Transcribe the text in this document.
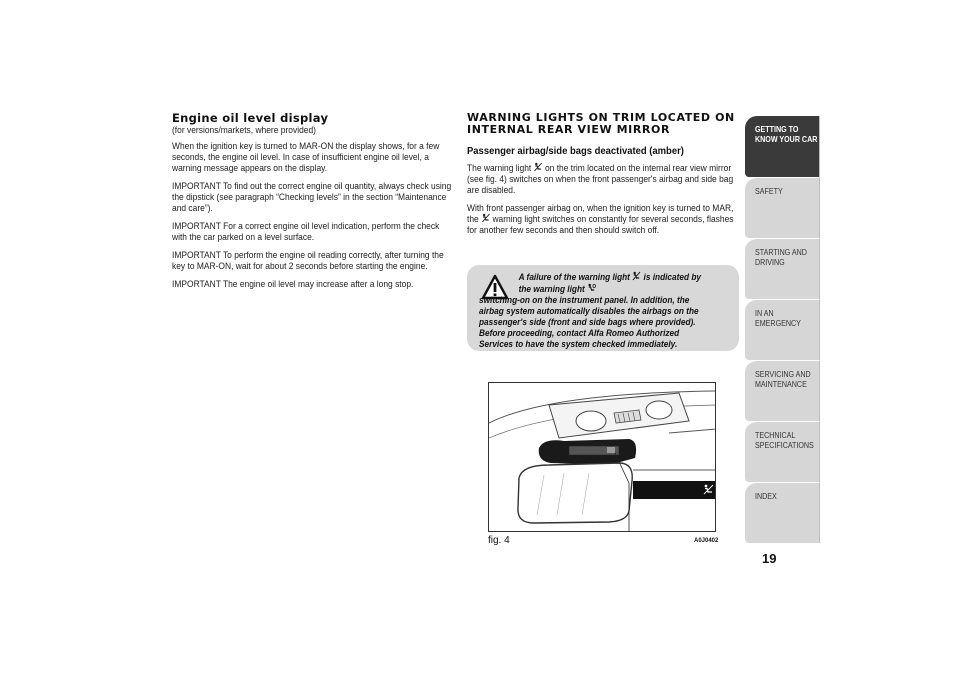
Engine oil level display
(for versions/markets, where provided)
When the ignition key is turned to MAR-ON the display shows, for a few seconds, the engine oil level. In case of insufficient engine oil level, a warning message appears on the display.
IMPORTANT To find out the correct engine oil quantity, always check using the dipstick (see paragraph “Checking levels” in the section “Maintenance and care”).
IMPORTANT For a correct engine oil level indication, perform the check with the car parked on a level surface.
IMPORTANT To perform the engine oil reading correctly, after turning the key to MAR-ON, wait for about 2 seconds before starting the engine.
IMPORTANT The engine oil level may increase after a long stop.
WARNING LIGHTS ON TRIM LOCATED ON INTERNAL REAR VIEW MIRROR
Passenger airbag/side bags deactivated (amber)
The warning light on the trim located on the internal rear view mirror (see fig. 4) switches on when the front passenger's airbag and side bag are disabled.
With front passenger airbag on, when the ignition key is turned to MAR, the warning light switches on constantly for several seconds, flashes for another few seconds and then should switch off.
A failure of the warning light is indicated by the warning light
switching-on on the instrument panel. In addition, the airbag system automatically disables the airbags on the passenger's side (front and side bags where provided). Before proceeding, contact Alfa Romeo Authorized Services to have the system checked immediately.
fig. 4	A0J0402
GETTING TO KNOW YOUR CAR
SAFETY
STARTING AND DRIVING
IN AN EMERGENCY
SERVICING AND MAINTENANCE
TECHNICAL SPECIFICATIONS
INDEX
19
